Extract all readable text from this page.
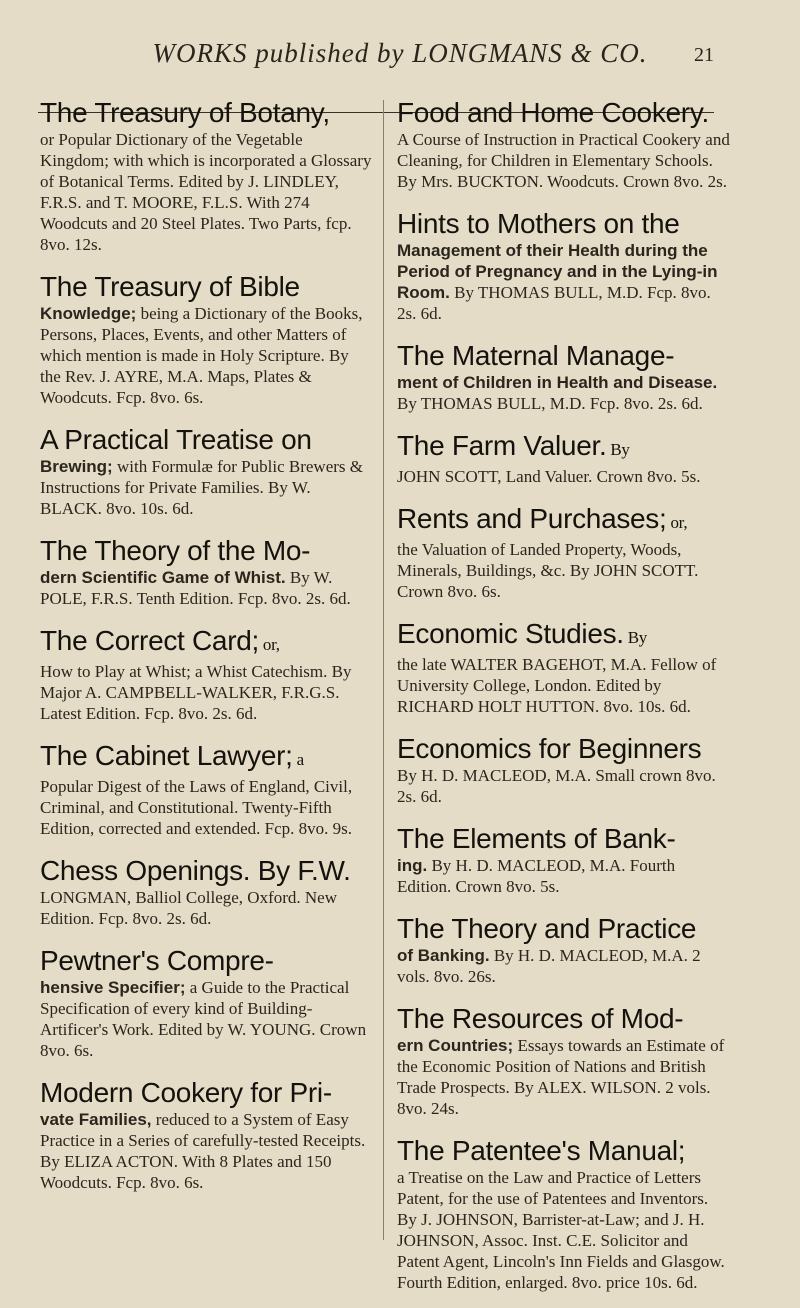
WORKS published by LONGMANS & CO.	21
The Treasury of Botany,
or Popular Dictionary of the Vegetable Kingdom; with which is incorporated a Glossary of Botanical Terms. Edited by J. LINDLEY, F.R.S. and T. MOORE, F.L.S. With 274 Woodcuts and 20 Steel Plates. Two Parts, fcp. 8vo. 12s.
The Treasury of Bible
Knowledge; being a Dictionary of the Books, Persons, Places, Events, and other Matters of which mention is made in Holy Scripture. By the Rev. J. AYRE, M.A. Maps, Plates & Woodcuts. Fcp. 8vo. 6s.
A Practical Treatise on
Brewing; with Formulæ for Public Brewers & Instructions for Private Families. By W. BLACK. 8vo. 10s. 6d.
The Theory of the Mo-
dern Scientific Game of Whist. By W. POLE, F.R.S. Tenth Edition. Fcp. 8vo. 2s. 6d.
The Correct Card; or,
How to Play at Whist; a Whist Catechism. By Major A. CAMPBELL-WALKER, F.R.G.S. Latest Edition. Fcp. 8vo. 2s. 6d.
The Cabinet Lawyer; a
Popular Digest of the Laws of England, Civil, Criminal, and Constitutional. Twenty-Fifth Edition, corrected and extended. Fcp. 8vo. 9s.
Chess Openings. By F.W.
LONGMAN, Balliol College, Oxford. New Edition. Fcp. 8vo. 2s. 6d.
Pewtner's Compre-
hensive Specifier; a Guide to the Practical Specification of every kind of Building-Artificer's Work. Edited by W. YOUNG. Crown 8vo. 6s.
Modern Cookery for Pri-
vate Families, reduced to a System of Easy Practice in a Series of carefully-tested Receipts. By ELIZA ACTON. With 8 Plates and 150 Woodcuts. Fcp. 8vo. 6s.
Food and Home Cookery.
A Course of Instruction in Practical Cookery and Cleaning, for Children in Elementary Schools. By Mrs. BUCKTON. Woodcuts. Crown 8vo. 2s.
Hints to Mothers on the
Management of their Health during the Period of Pregnancy and in the Lying-in Room. By THOMAS BULL, M.D. Fcp. 8vo. 2s. 6d.
The Maternal Manage-
ment of Children in Health and Disease. By THOMAS BULL, M.D. Fcp. 8vo. 2s. 6d.
The Farm Valuer. By
JOHN SCOTT, Land Valuer. Crown 8vo. 5s.
Rents and Purchases; or,
the Valuation of Landed Property, Woods, Minerals, Buildings, &c. By JOHN SCOTT. Crown 8vo. 6s.
Economic Studies. By
the late WALTER BAGEHOT, M.A. Fellow of University College, London. Edited by RICHARD HOLT HUTTON. 8vo. 10s. 6d.
Economics for Beginners
By H. D. MACLEOD, M.A. Small crown 8vo. 2s. 6d.
The Elements of Bank-
ing. By H. D. MACLEOD, M.A. Fourth Edition. Crown 8vo. 5s.
The Theory and Practice
of Banking. By H. D. MACLEOD, M.A. 2 vols. 8vo. 26s.
The Resources of Mod-
ern Countries; Essays towards an Estimate of the Economic Position of Nations and British Trade Prospects. By ALEX. WILSON. 2 vols. 8vo. 24s.
The Patentee's Manual;
a Treatise on the Law and Practice of Letters Patent, for the use of Patentees and Inventors. By J. JOHNSON, Barrister-at-Law; and J. H. JOHNSON, Assoc. Inst. C.E. Solicitor and Patent Agent, Lincoln's Inn Fields and Glasgow. Fourth Edition, enlarged. 8vo. price 10s. 6d.
